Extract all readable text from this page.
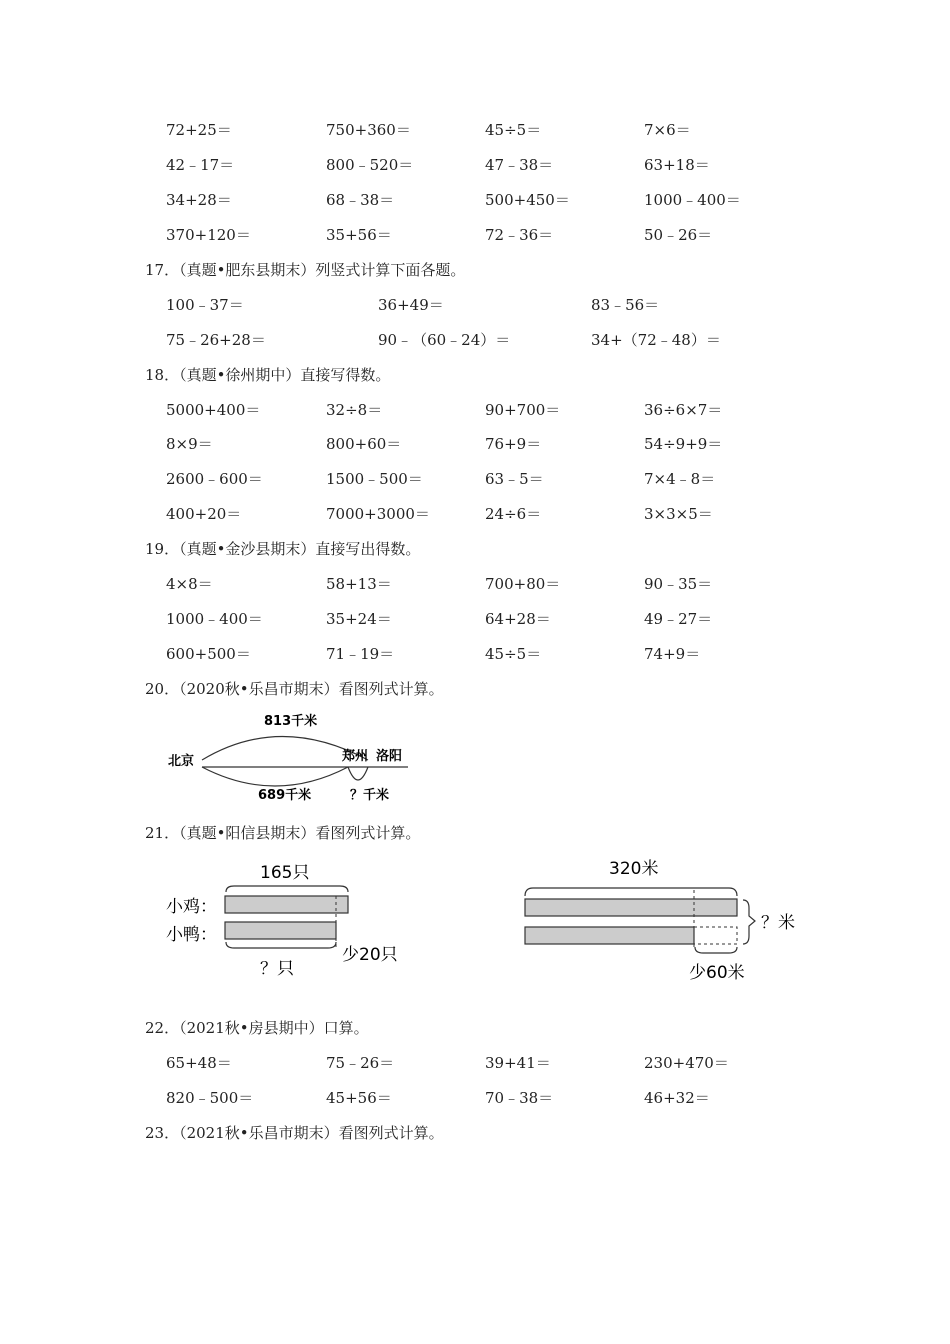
72+25＝	750+360＝	45÷5＝	7×6＝
42﹣17＝	800﹣520＝	47﹣38＝	63+18＝
34+28＝	68﹣38＝	500+450＝	1000﹣400＝
370+120＝	35+56＝	72﹣36＝	50﹣26＝
17．（真题•肥东县期末）列竖式计算下面各题。
100﹣37＝	36+49＝	83﹣56＝
75﹣26+28＝	90﹣（60﹣24）＝	34+（72﹣48）＝
18．（真题•徐州期中）直接写得数。
5000+400＝	32÷8＝	90+700＝	36÷6×7＝
8×9＝	800+60＝	76+9＝	54÷9+9＝
2600﹣600＝	1500﹣500＝	63﹣5＝	7×4﹣8＝
400+20＝	7000+3000＝	24÷6＝	3×3×5＝
19．（真题•金沙县期末）直接写出得数。
4×8＝	58+13＝	700+80＝	90﹣35＝
1000﹣400＝	35+24＝	64+28＝	49﹣27＝
600+500＝	71﹣19＝	45÷5＝	74+9＝
20．（2020秋•乐昌市期末）看图列式计算。
813千米
北京	郑州 洛阳
689千米	？千米
21．（真题•阳信县期末）看图列式计算。
165只
小鸡：
小鸭：
？只
少20只
320米
？米
少60米
22．（2021秋•房县期中）口算。
65+48＝	75﹣26＝	39+41＝	230+470＝
820﹣500＝	45+56＝	70﹣38＝	46+32＝
23．（2021秋•乐昌市期末）看图列式计算。
